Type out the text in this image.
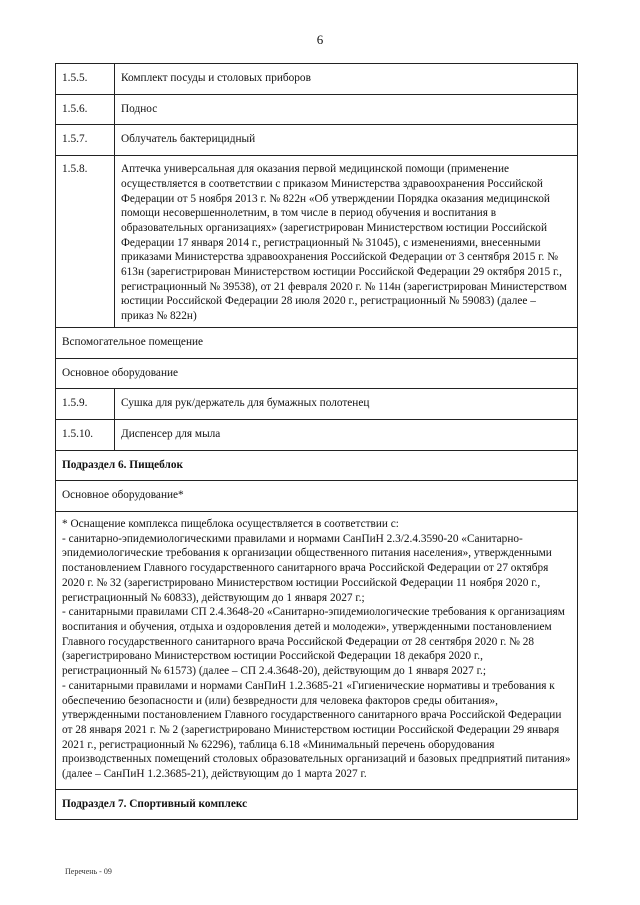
6
1.5.5.	Комплект посуды и столовых приборов
1.5.6.	Поднос
1.5.7.	Облучатель бактерицидный
1.5.8.	Аптечка универсальная для оказания первой медицинской помощи (применение осуществляется в соответствии с приказом Министерства здравоохранения Российской Федерации от 5 ноября 2013 г. № 822н «Об утверждении Порядка оказания медицинской помощи несовершеннолетним, в том числе в период обучения и воспитания в образовательных организациях» (зарегистрирован Министерством юстиции Российской Федерации 17 января 2014 г., регистрационный № 31045), с изменениями, внесенными приказами Министерства здравоохранения Российской Федерации от 3 сентября 2015 г. № 613н (зарегистрирован Министерством юстиции Российской Федерации 29 октября 2015 г., регистрационный № 39538), от 21 февраля 2020 г. № 114н (зарегистрирован Министерством юстиции Российской Федерации 28 июля 2020 г., регистрационный № 59083) (далее – приказ № 822н)
Вспомогательное помещение	
Основное оборудование	
1.5.9.	Сушка для рук/держатель для бумажных полотенец
1.5.10.	Диспенсер для мыла
Подраздел 6. Пищеблок	
Основное оборудование*	

* Оснащение комплекса пищеблока осуществляется в соответствии с:
- санитарно-эпидемиологическими правилами и нормами СанПиН 2.3/2.4.3590-20 «Санитарно-эпидемиологические требования к организации общественного питания населения», утвержденными постановлением Главного государственного санитарного врача Российской Федерации от 27 октября 2020 г. № 32 (зарегистрировано Министерством юстиции Российской Федерации 11 ноября 2020 г., регистрационный № 60833), действующим до 1 января 2027 г.;
- санитарными правилами СП 2.4.3648-20 «Санитарно-эпидемиологические требования к организациям воспитания и обучения, отдыха и оздоровления детей и молодежи», утвержденными постановлением Главного государственного санитарного врача Российской Федерации от 28 сентября 2020 г. № 28 (зарегистрировано Министерством юстиции Российской Федерации 18 декабря 2020 г., регистрационный № 61573) (далее – СП 2.4.3648-20), действующим до 1 января 2027 г.;
- санитарными правилами и нормами СанПиН 1.2.3685-21 «Гигиенические нормативы и требования к обеспечению безопасности и (или) безвредности для человека факторов среды обитания», утвержденными постановлением Главного государственного санитарного врача Российской Федерации от 28 января 2021 г. № 2 (зарегистрировано Министерством юстиции Российской Федерации 29 января 2021 г., регистрационный № 62296), таблица 6.18 «Минимальный перечень оборудования производственных помещений столовых образовательных организаций и базовых предприятий питания»
(далее – СанПиН 1.2.3685-21), действующим до 1 марта 2027 г.	

Подраздел 7. Спортивный комплекс	
Перечень - 09
